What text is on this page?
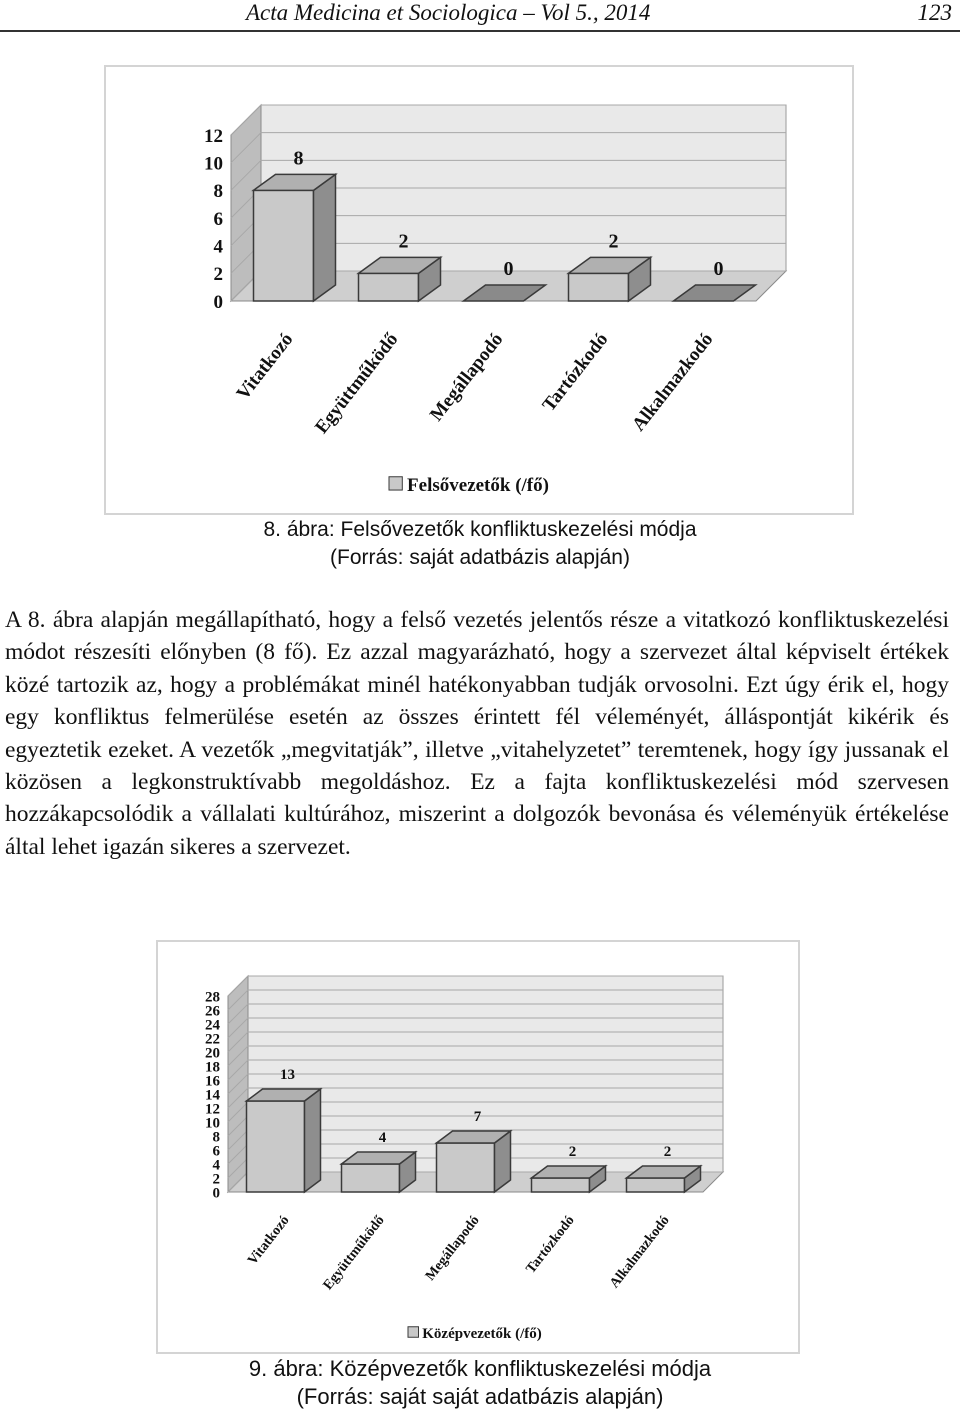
Acta Medicina et Sociologica – Vol 5., 2014	123
0
2
4
6
8
10
12
8
Vitatkozó
2
Együttműködő
0
Megállapodó
2
Tartózkodó
0
Alkalmazkodó
Felsővezetők (/fő)
8. ábra: Felsővezetők konfliktuskezelési módja
(Forrás: saját adatbázis alapján)

A 8. ábra alapján megállapítható, hogy a felső vezetés jelentős része a vitatkozó konfliktuskezelési módot részesíti előnyben (8 fő). Ez azzal magyarázható, hogy a szervezet által képviselt értékek közé tartozik az, hogy a problémákat minél hatékonyabban tudják orvosolni. Ezt úgy érik el, hogy egy konfliktus felmerülése esetén az összes érintett fél véleményét, álláspontját kikérik és egyeztetik ezeket. A vezetők „megvitatják”, illetve „vitahelyzetet” teremtenek, hogy így jussanak el közösen a legkonstruktívabb megoldáshoz. Ez a fajta konfliktuskezelési mód szervesen hozzákapcsolódik a vállalati kultúrához, miszerint a dolgozók bevonása és véleményük értékelése által lehet igazán sikeres a szervezet.

0
2
4
6
8
10
12
14
16
18
20
22
24
26
28
13
Vitatkozó
4
Együttműködő
7
Megállapodó
2
Tartózkodó
2
Alkalmazkodó
Középvezetők (/fő)
9. ábra: Középvezetők konfliktuskezelési módja
(Forrás: saját saját adatbázis alapján)
